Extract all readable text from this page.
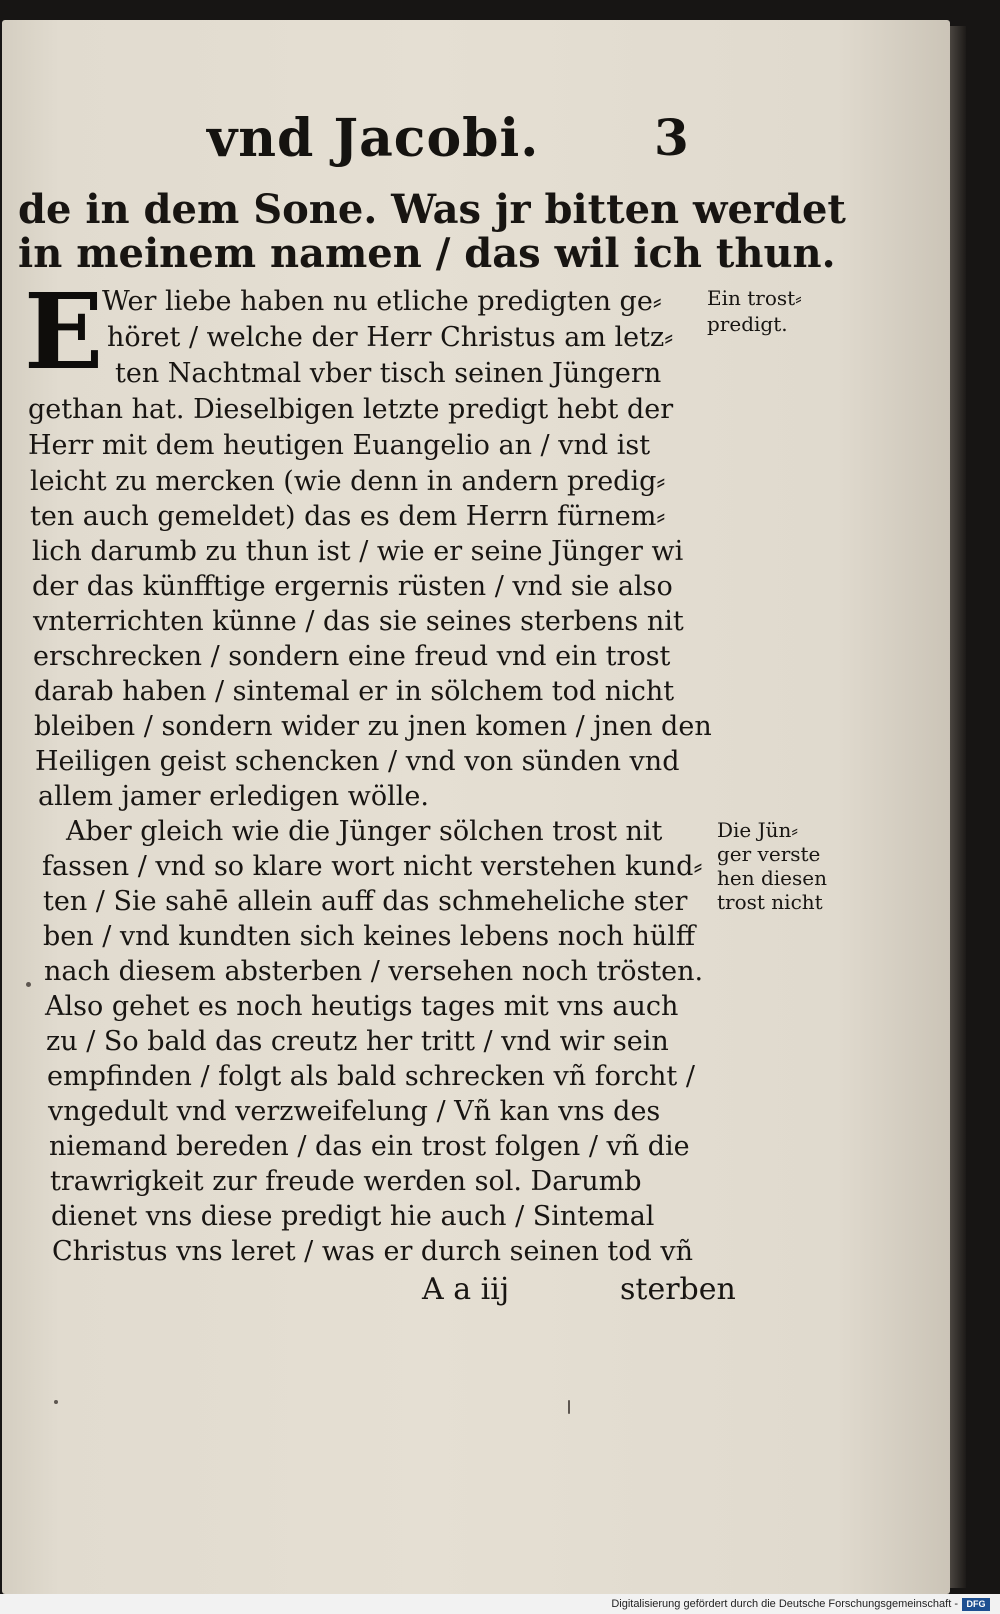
vnd Jacobi. 3
de in dem Sone. Was jr bitten werdet
in meinem namen / das wil ich thun.
E
Wer liebe haben nu etliche predigten ge⸗
höret / welche der Herr Christus am letz⸗
ten Nachtmal vber tisch seinen Jüngern
gethan hat. Dieselbigen letzte predigt hebt der
Herr mit dem heutigen Euangelio an / vnd ist
leicht zu mercken (wie denn in andern predig⸗
ten auch gemeldet) das es dem Herrn fürnem⸗
lich darumb zu thun ist / wie er seine Jünger wi
der das künfftige ergernis rüsten / vnd sie also
vnterrichten künne / das sie seines sterbens nit
erschrecken / sondern eine freud vnd ein trost
darab haben / sintemal er in sölchem tod nicht
bleiben / sondern wider zu jnen komen / jnen den
Heiligen geist schencken / vnd von sünden vnd
allem jamer erledigen wölle.
Aber gleich wie die Jünger sölchen trost nit
fassen / vnd so klare wort nicht verstehen kund⸗
ten / Sie sahē allein auff das schmeheliche ster
ben / vnd kundten sich keines lebens noch hülff
nach diesem absterben / versehen noch trösten.
Also gehet es noch heutigs tages mit vns auch
zu / So bald das creutz her tritt / vnd wir sein
empfinden / folgt als bald schrecken vñ forcht /
vngedult vnd verzweifelung / Vñ kan vns des
niemand bereden / das ein trost folgen / vñ die
trawrigkeit zur freude werden sol. Darumb
dienet vns diese predigt hie auch / Sintemal
Christus vns leret / was er durch seinen tod vñ
A a iij	sterben
Ein trost⸗
predigt.
Die Jün⸗
ger verste
hen diesen
trost nicht
Digitalisierung gefördert durch die Deutsche Forschungsgemeinschaft - DFG
